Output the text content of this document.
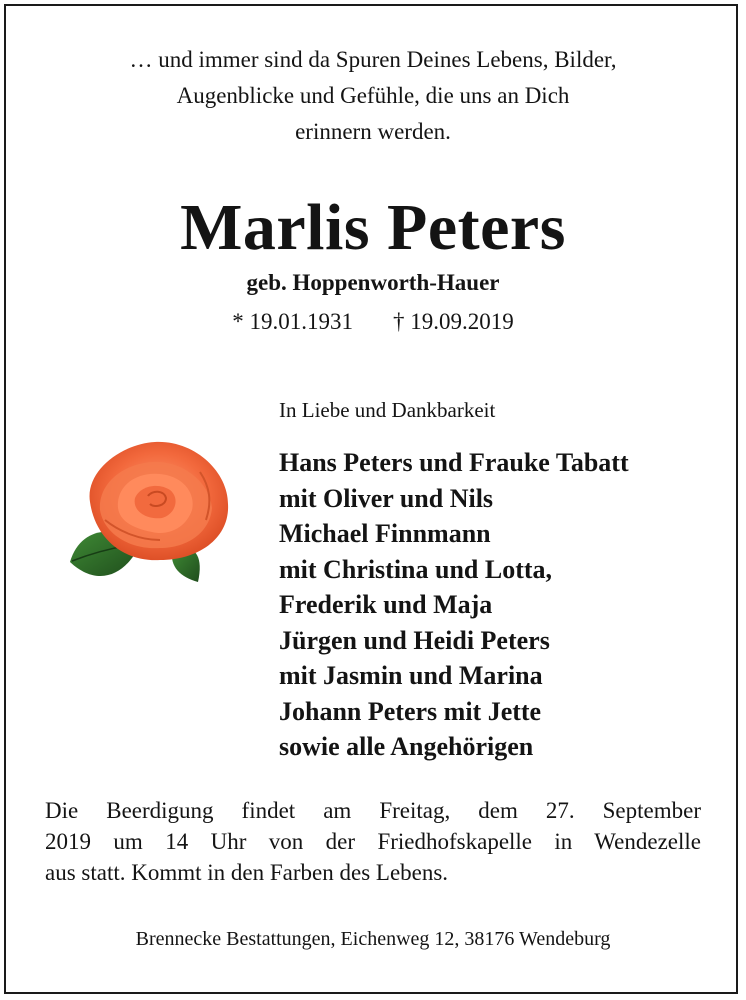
… und immer sind da Spuren Deines Lebens, Bilder,
Augenblicke und Gefühle, die uns an Dich
erinnern werden.
Marlis Peters
geb. Hoppenworth-Hauer
* 19.01.1931 † 19.09.2019
In Liebe und Dankbarkeit
Hans Peters und Frauke Tabatt
mit Oliver und Nils
Michael Finnmann
mit Christina und Lotta,
Frederik und Maja
Jürgen und Heidi Peters
mit Jasmin und Marina
Johann Peters mit Jette
sowie alle Angehörigen
Die Beerdigung findet am Freitag, dem 27. September
2019 um 14 Uhr von der Friedhofskapelle in Wendezelle
aus statt. Kommt in den Farben des Lebens.
Brennecke Bestattungen, Eichenweg 12, 38176 Wendeburg
